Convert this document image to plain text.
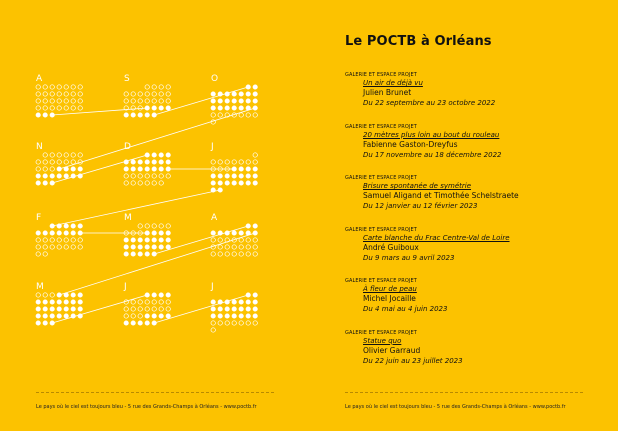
A	S	O
N	D	J
F	M	A
M	J	J
Le pays où le ciel est toujours bleu - 5 rue des Grands-Champs à Orléans - www.poctb.fr
Le POCTB à Orléans
GALERIE ET ESPACE PROJET
Un air de déjà vu
Julien Brunet
Du 22 septembre au 23 octobre 2022
GALERIE ET ESPACE PROJET
20 mètres plus loin au bout du rouleau
Fabienne Gaston-Dreyfus
Du 17 novembre au 18 décembre 2022
GALERIE ET ESPACE PROJET
Brisure spontanée de symétrie
Samuel Aligand et Timothée Schelstraete
Du 12 janvier au 12 février 2023
GALERIE ET ESPACE PROJET
Carte blanche du Frac Centre-Val de Loire
André Guiboux
Du 9 mars au 9 avril 2023
GALERIE ET ESPACE PROJET
À fleur de peau
Michel Jocaille
Du 4 mai au 4 juin 2023
GALERIE ET ESPACE PROJET
Statue quo
Olivier Garraud
Du 22 juin au 23 juillet 2023
Le pays où le ciel est toujours bleu - 5 rue des Grands-Champs à Orléans - www.poctb.fr
